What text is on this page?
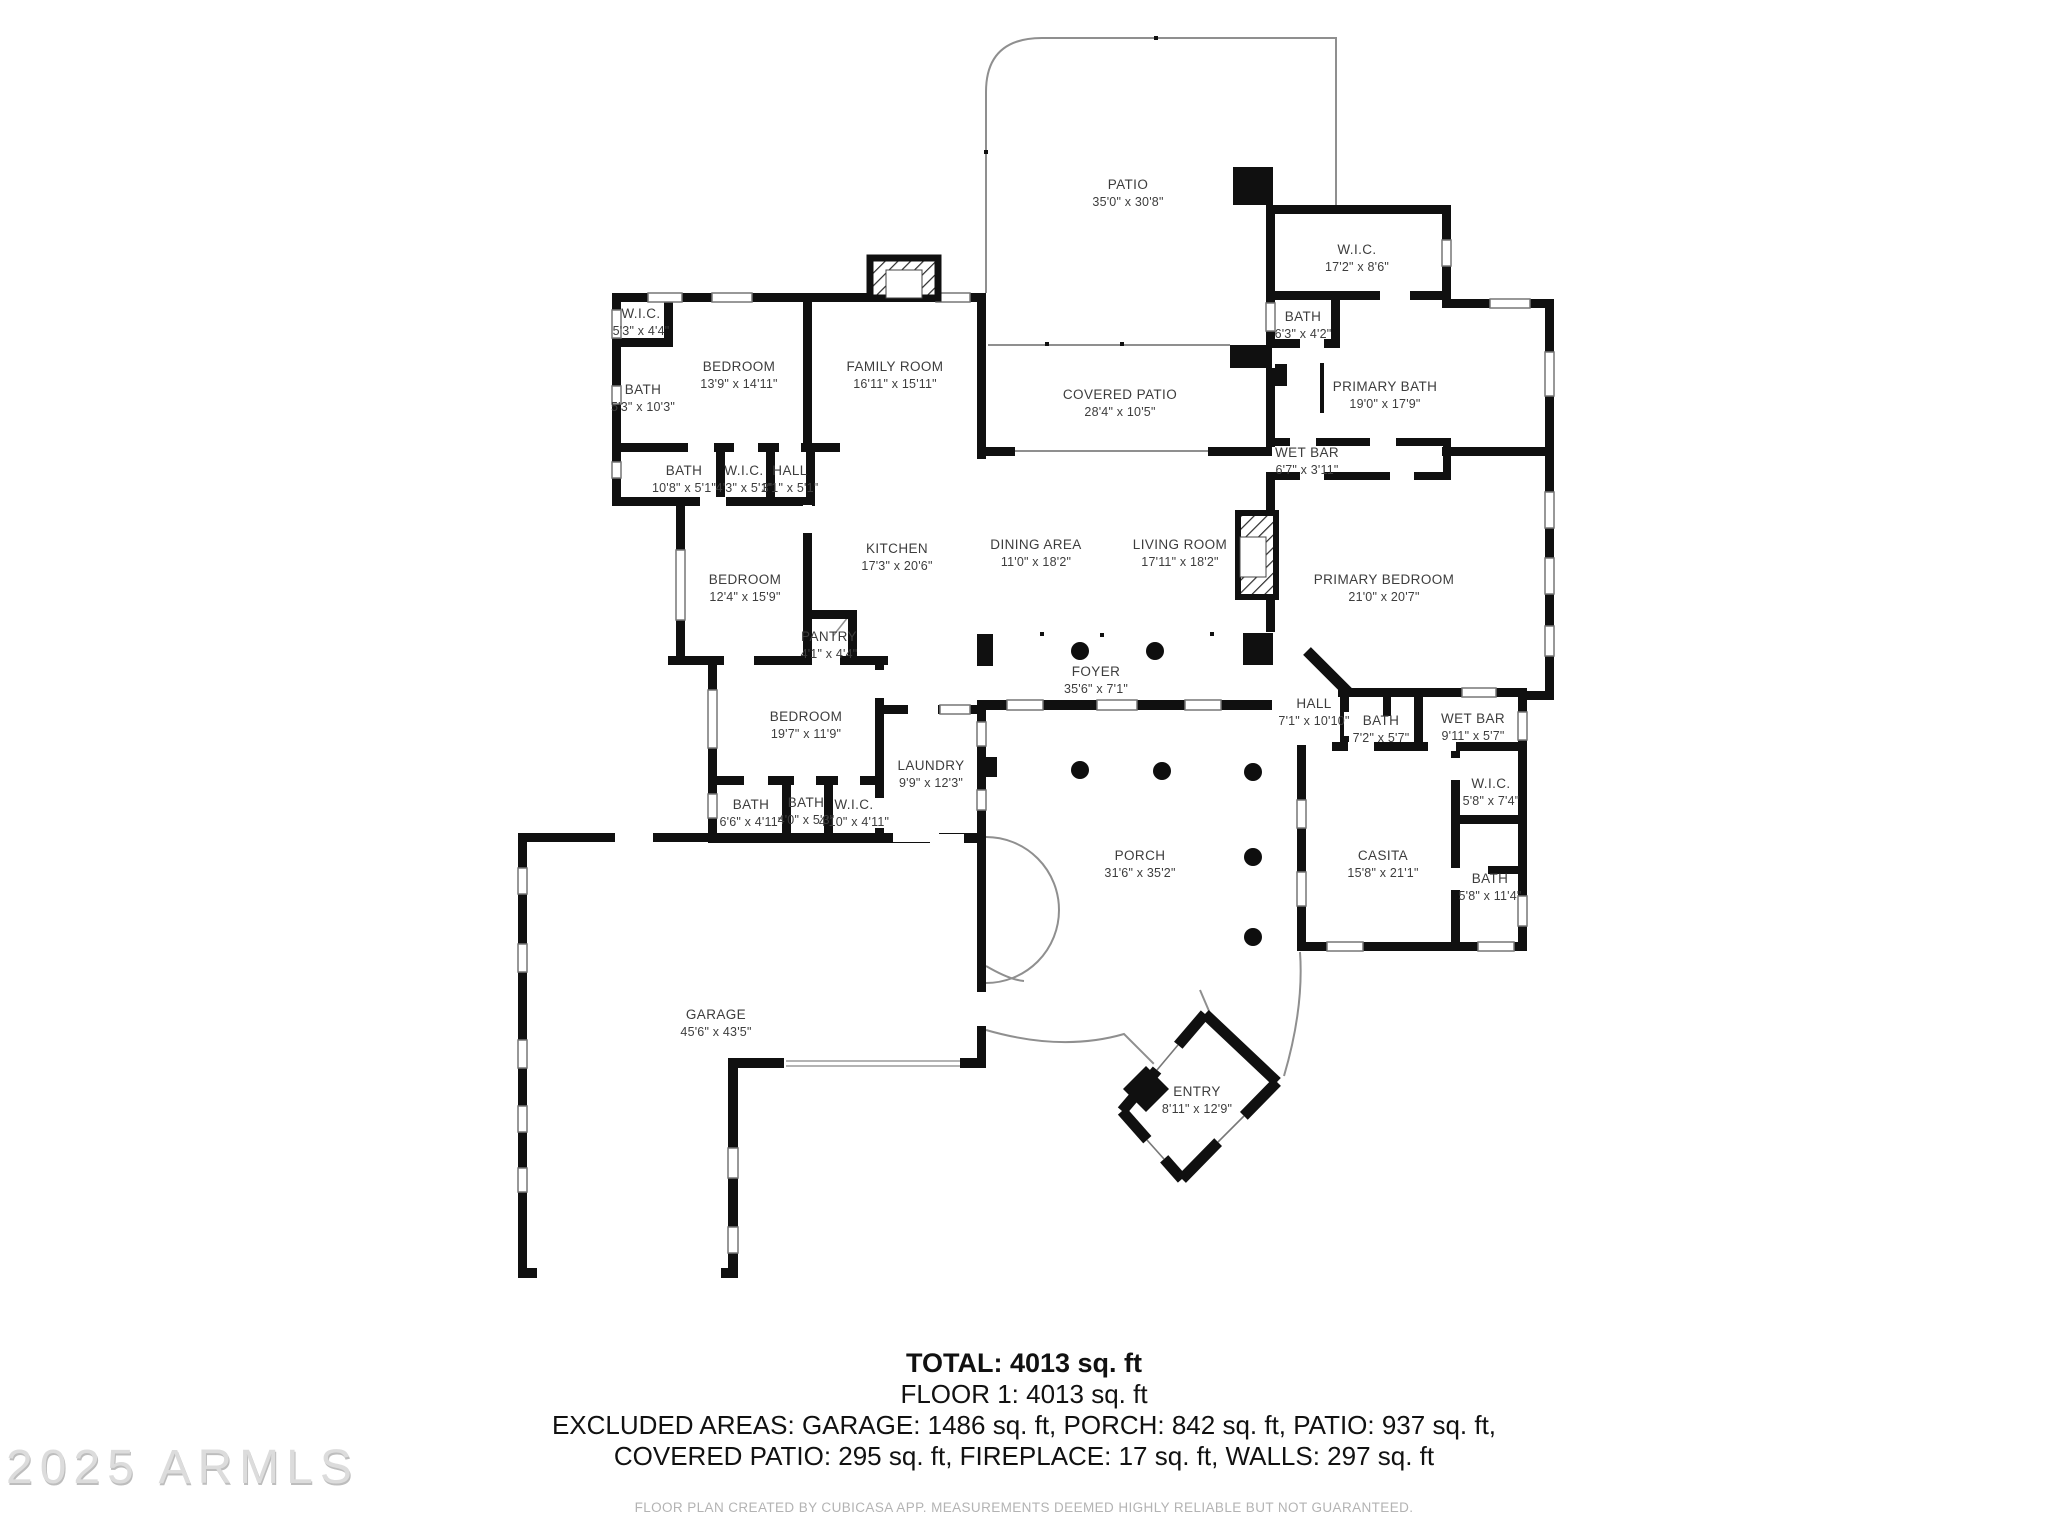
PATIO
35'0" x 30'8"
W.I.C.
17'2" x 8'6"
BATH
6'3" x 4'2"
W.I.C.
5'3" x 4'4"
BEDROOM
13'9" x 14'11"
FAMILY ROOM
16'11" x 15'11"
COVERED PATIO
28'4" x 10'5"
PRIMARY BATH
19'0" x 17'9"
BATH
5'3" x 10'3"
WET BAR
6'7" x 3'11"
BATH
10'8" x 5'1"
W.I.C.
4'3" x 5'1"
HALL
3'1" x 5'1"
KITCHEN
17'3" x 20'6"
DINING AREA
11'0" x 18'2"
LIVING ROOM
17'11" x 18'2"
PRIMARY BEDROOM
21'0" x 20'7"
BEDROOM
12'4" x 15'9"
PANTRY
4'1" x 4'4"
FOYER
35'6" x 7'1"
HALL
7'1" x 10'10"
BEDROOM
19'7" x 11'9"
BATH
7'2" x 5'7"
WET BAR
9'11" x 5'7"
LAUNDRY
9'9" x 12'3"	W.I.C.
5'8" x 7'4"
BATH
6'6" x 4'11"
BATH
4'0" x 5'3"
W.I.C.
4'10" x 4'11"
PORCH
31'6" x 35'2"
CASITA
15'8" x 21'1"	BATH
5'8" x 11'4"
GARAGE
45'6" x 43'5"
ENTRY
8'11" x 12'9"
TOTAL: 4013 sq. ft
FLOOR 1: 4013 sq. ft
EXCLUDED AREAS: GARAGE: 1486 sq. ft, PORCH: 842 sq. ft, PATIO: 937 sq. ft,
COVERED PATIO: 295 sq. ft, FIREPLACE: 17 sq. ft, WALLS: 297 sq. ft
2025 ARMLS
FLOOR PLAN CREATED BY CUBICASA APP. MEASUREMENTS DEEMED HIGHLY RELIABLE BUT NOT GUARANTEED.
